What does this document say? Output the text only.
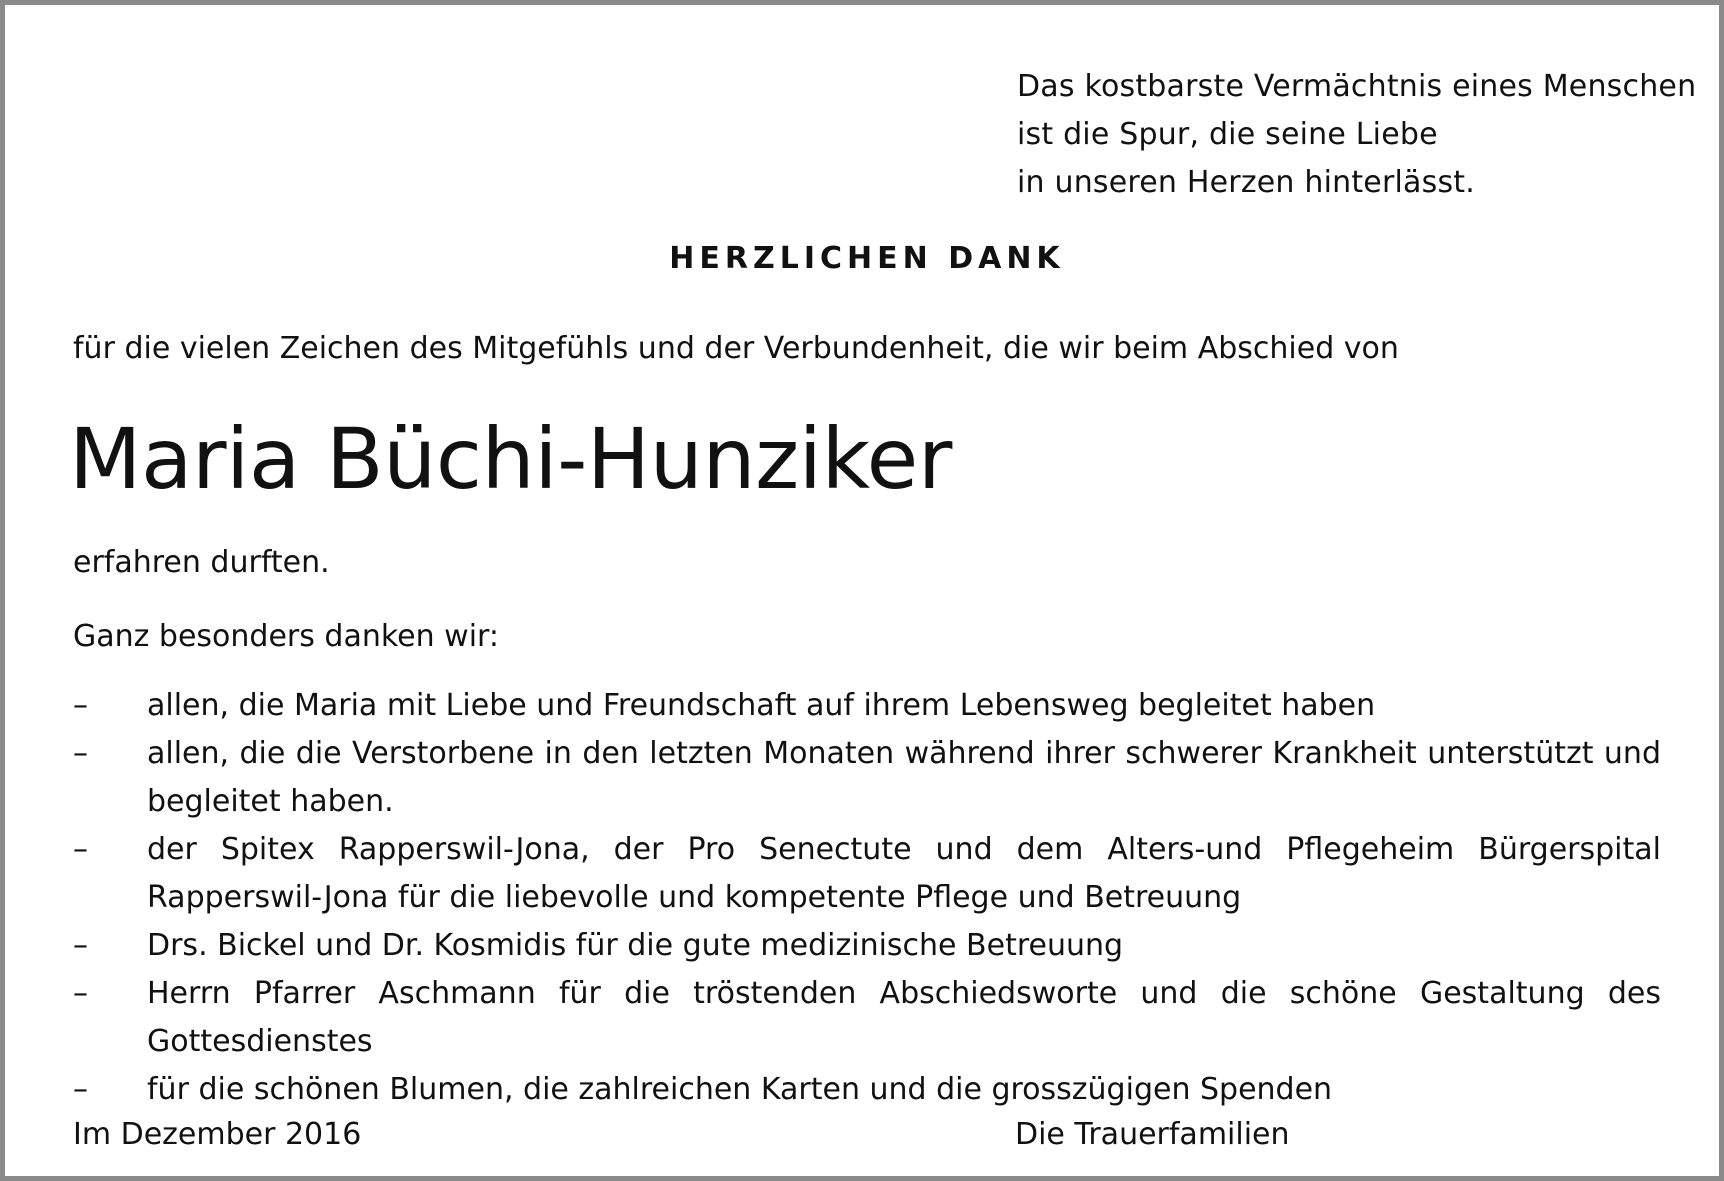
Das kostbarste Vermächtnis eines Menschen
ist die Spur, die seine Liebe
in unseren Herzen hinterlässt.
HERZLICHEN DANK
für die vielen Zeichen des Mitgefühls und der Verbundenheit, die wir beim Abschied von
Maria Büchi-Hunziker
erfahren durften.
Ganz besonders danken wir:
– allen, die Maria mit Liebe und Freundschaft auf ihrem Lebensweg begleitet haben
– allen, die die Verstorbene in den letzten Monaten während ihrer schwerer Krankheit unterstützt und begleitet haben.
– der Spitex Rapperswil-Jona, der Pro Senectute und dem Alters-und Pflegeheim Bürgerspital Rapperswil-Jona für die liebevolle und kompetente Pflege und Betreuung
– Drs. Bickel und Dr. Kosmidis für die gute medizinische Betreuung
– Herrn Pfarrer Aschmann für die tröstenden Abschiedsworte und die schöne Gestaltung des Gottesdienstes
– für die schönen Blumen, die zahlreichen Karten und die grosszügigen Spenden
Im Dezember 2016	Die Trauerfamilien
